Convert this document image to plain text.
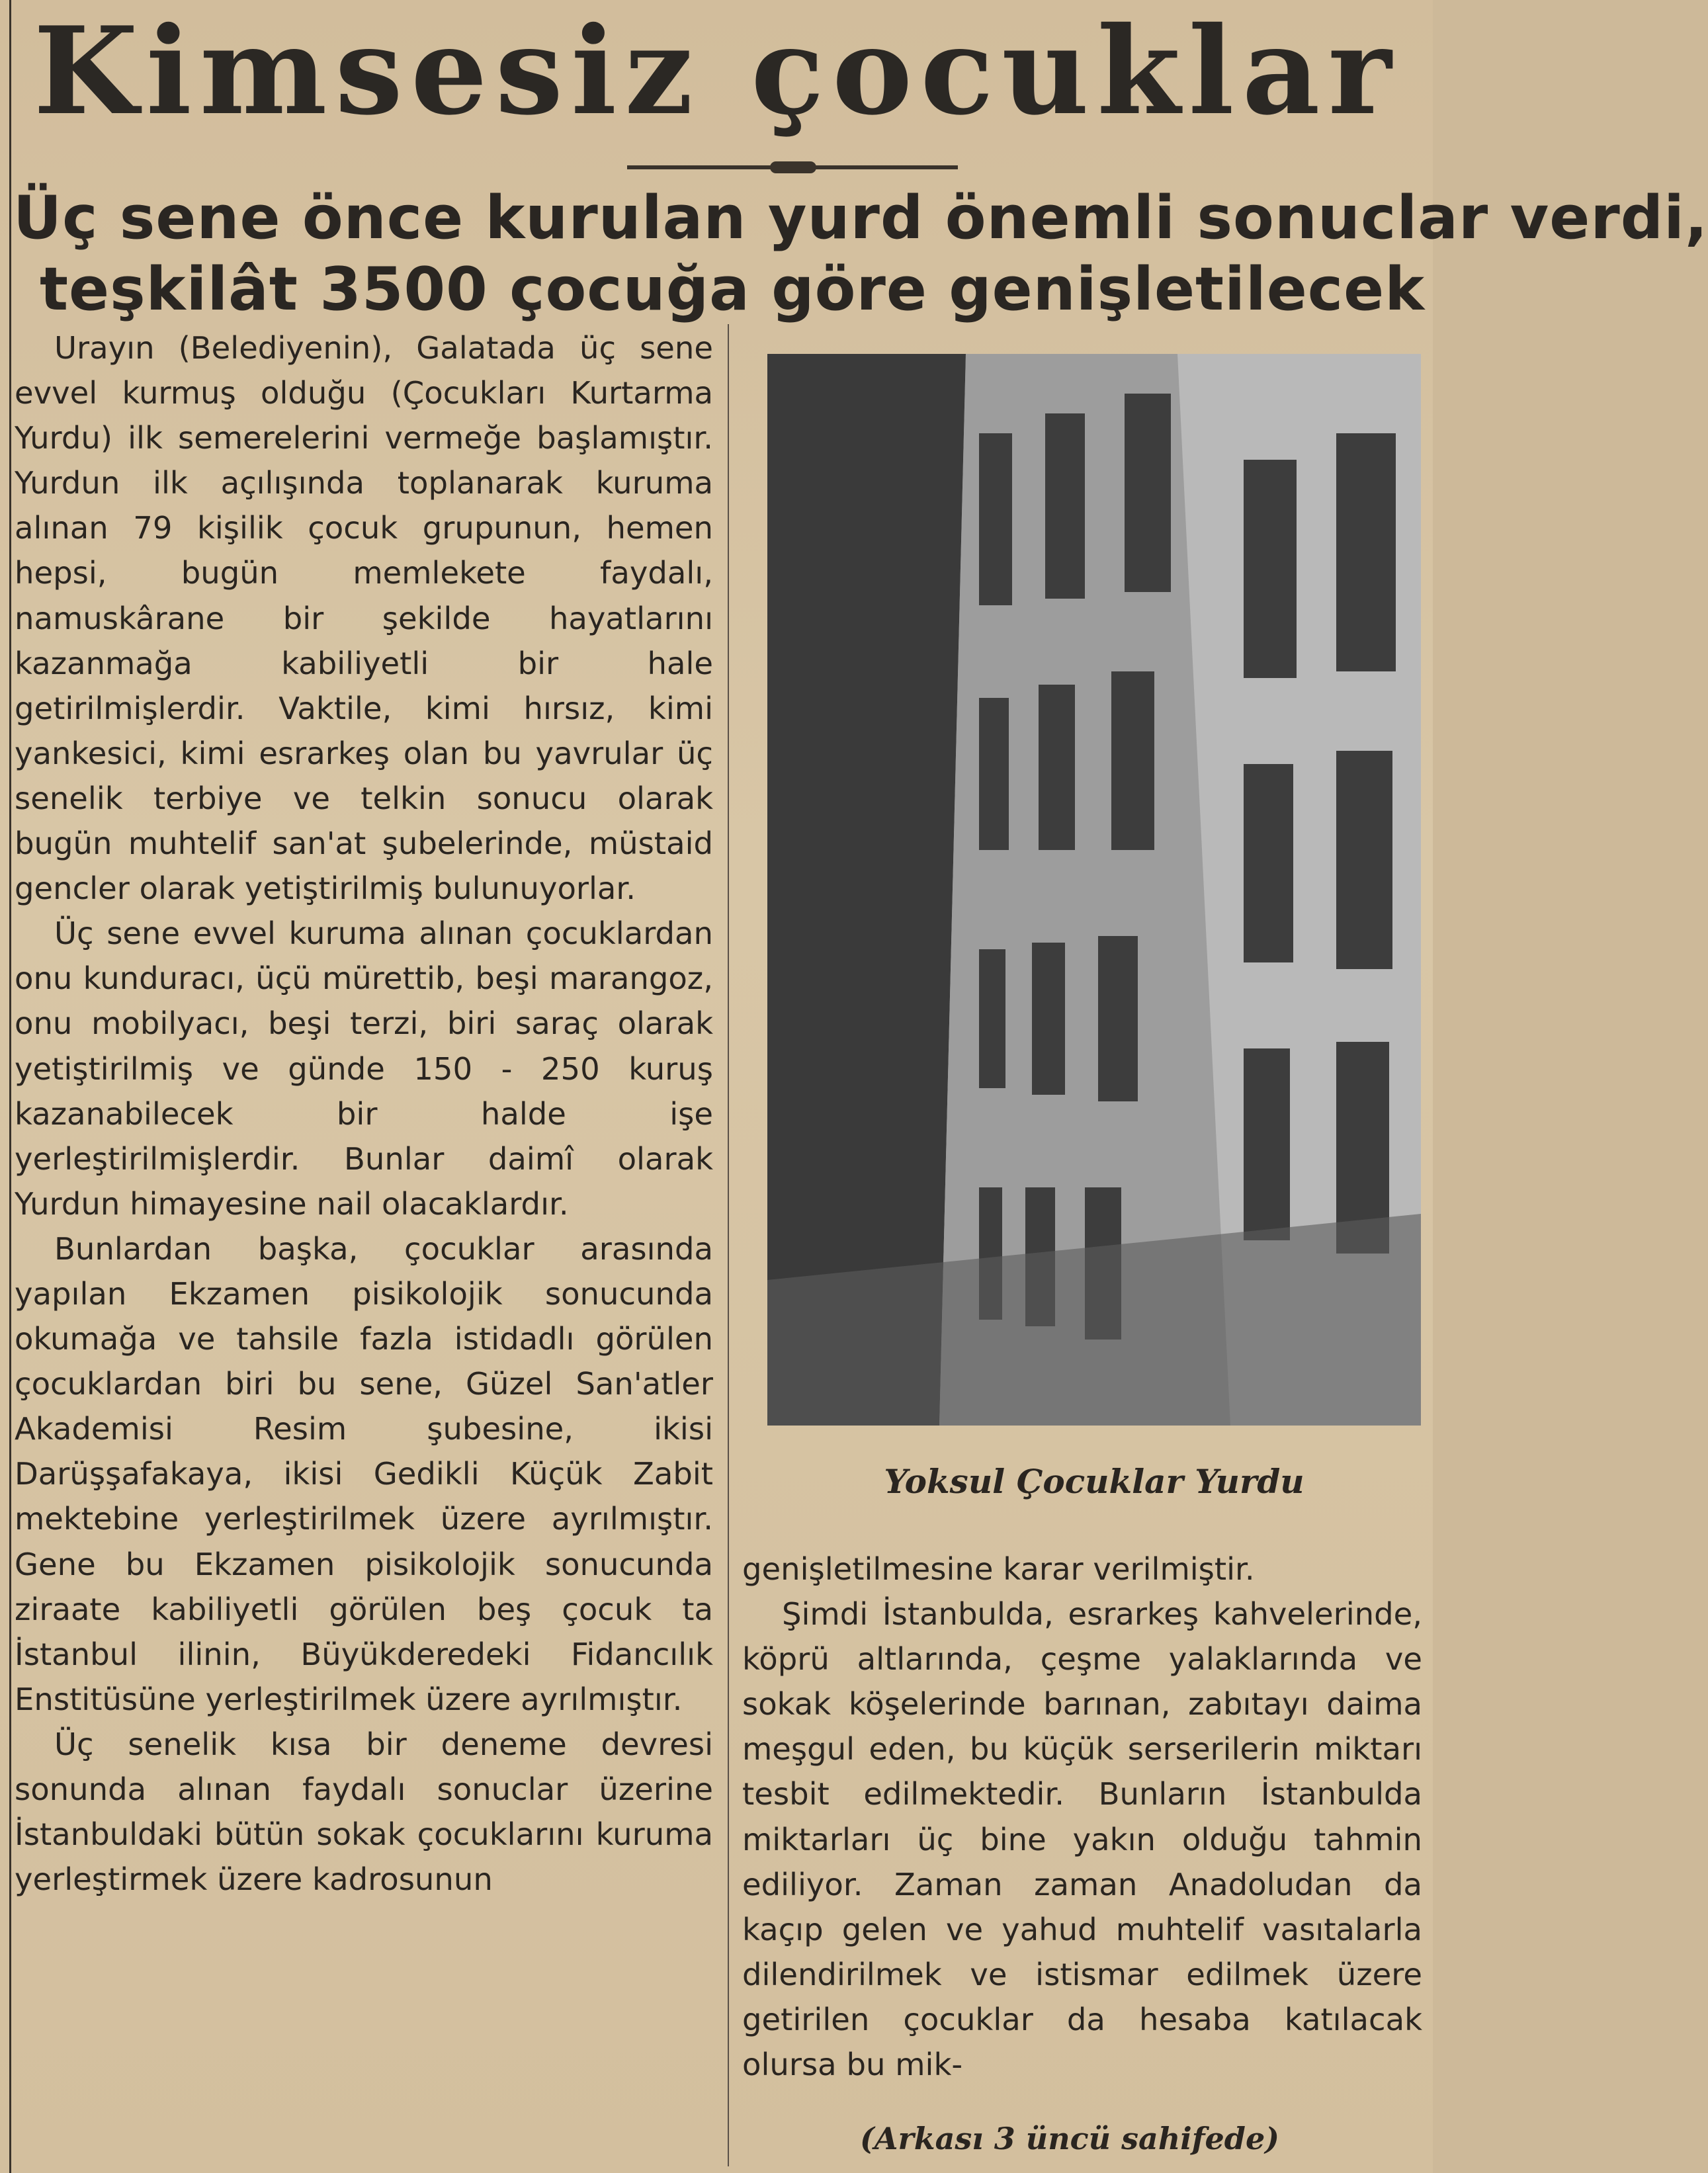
Kimsesiz çocuklar
Üç sene önce kurulan yurd önemli sonuclar verdi,
teşkilât 3500 çocuğa göre genişletilecek

Urayın (Belediyenin), Galatada üç sene evvel kurmuş olduğu (Çocukları Kurtarma Yurdu) ilk semerelerini vermeğe başlamıştır. Yurdun ilk açılışında toplanarak kuruma alınan 79 kişilik çocuk grupunun, hemen hepsi, bugün memlekete faydalı, namuskârane bir şekilde hayatlarını kazanmağa kabiliyetli bir hale getirilmişlerdir. Vaktile, kimi hırsız, kimi yankesici, kimi esrarkeş olan bu yavrular üç senelik terbiye ve telkin sonucu olarak bugün muhtelif san'at şubelerinde, müstaid gencler olarak yetiştirilmiş bulunuyorlar.

Üç sene evvel kuruma alınan çocuklardan onu kunduracı, üçü mürettib, beşi marangoz, onu mobilyacı, beşi terzi, biri saraç olarak yetiştirilmiş ve günde 150 - 250 kuruş kazanabilecek bir halde işe yerleştirilmişlerdir. Bunlar daimî olarak Yurdun himayesine nail olacaklardır.

Bunlardan başka, çocuklar arasında yapılan Ekzamen pisikolojik sonucunda okumağa ve tahsile fazla istidadlı görülen çocuklardan biri bu sene, Güzel San'atler Akademisi Resim şubesine, ikisi Darüşşafakaya, ikisi Gedikli Küçük Zabit mektebine yerleştirilmek üzere ayrılmıştır. Gene bu Ekzamen pisikolojik sonucunda ziraate kabiliyetli görülen beş çocuk ta İstanbul ilinin, Büyükderedeki Fidancılık Enstitüsüne yerleştirilmek üzere ayrılmıştır.

Üç senelik kısa bir deneme devresi sonunda alınan faydalı sonuclar üzerine İstanbuldaki bütün sokak çocuklarını kuruma yerleştirmek üzere kadrosunun

Yoksul Çocuklar Yurdu

genişletilmesine karar verilmiştir.

Şimdi İstanbulda, esrarkeş kahvelerinde, köprü altlarında, çeşme yalaklarında ve sokak köşelerinde barınan, zabıtayı daima meşgul eden, bu küçük serserilerin miktarı tesbit edilmektedir. Bunların İstanbulda miktarları üç bine yakın olduğu tahmin ediliyor. Zaman zaman Anadoludan da kaçıp gelen ve yahud muhtelif vasıtalarla dilendirilmek ve istismar edilmek üzere getirilen çocuklar da hesaba katılacak olursa bu mik-

(Arkası 3 üncü sahifede)
